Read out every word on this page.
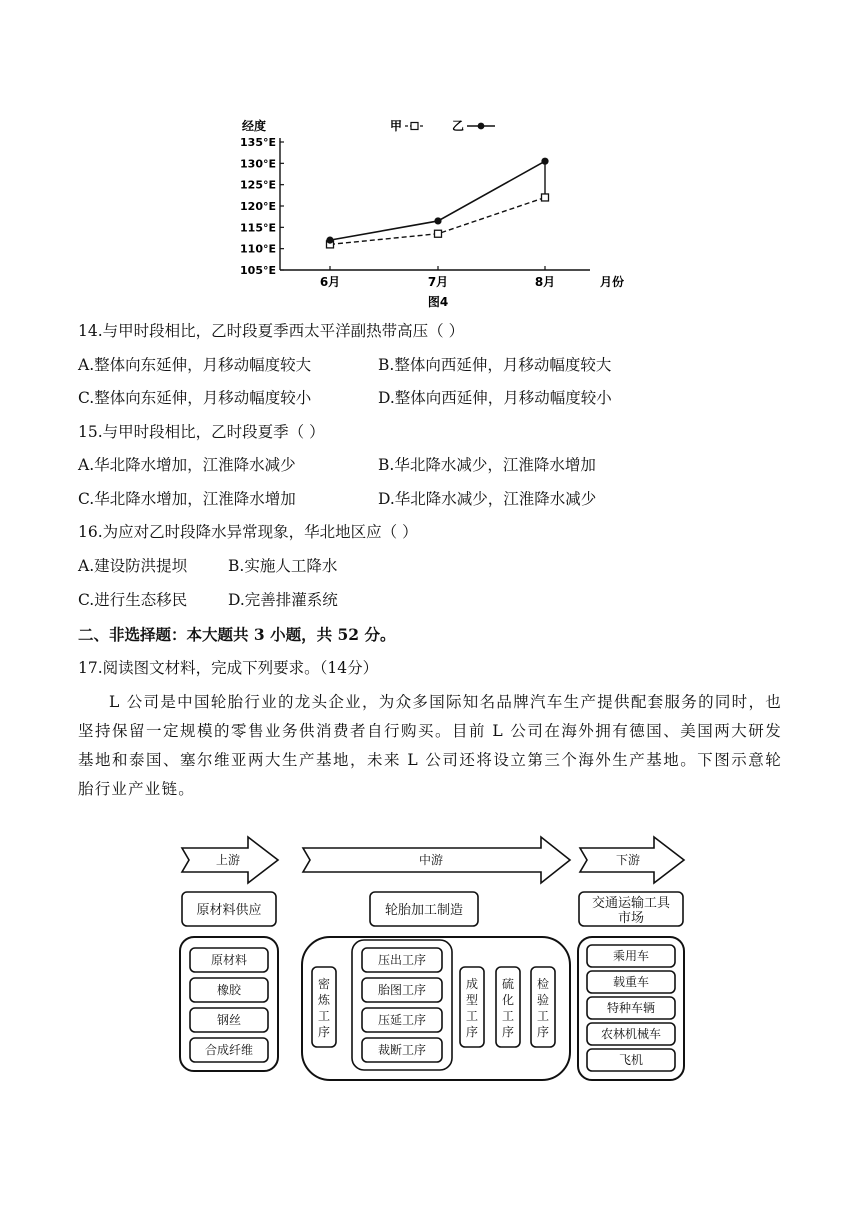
105°E
110°E
115°E
120°E
125°E
130°E
135°E
经度
6月	7月	8月	月份
图4
甲	乙
14.与甲时段相比，乙时段夏季西太平洋副热带高压（ ）
A.整体向东延伸，月移动幅度较大	B.整体向西延伸，月移动幅度较大
C.整体向东延伸，月移动幅度较小	D.整体向西延伸，月移动幅度较小
15.与甲时段相比，乙时段夏季（ ）
A.华北降水增加，江淮降水减少	B.华北降水减少，江淮降水增加
C.华北降水增加，江淮降水增加	D.华北降水减少，江淮降水减少
16.为应对乙时段降水异常现象，华北地区应（ ）
A.建设防洪提坝	B.实施人工降水
C.进行生态移民	D.完善排灌系统
二、非选择题：本大题共 3 小题，共 52 分。
17.阅读图文材料，完成下列要求。（14分）
L 公司是中国轮胎行业的龙头企业，为众多国际知名品牌汽车生产提供配套服务的同时，也坚持保留一定规模的零售业务供消费者自行购买。目前 L 公司在海外拥有德国、美国两大研发基地和泰国、塞尔维亚两大生产基地，未来 L 公司还将设立第三个海外生产基地。下图示意轮胎行业产业链。
上游	中游	下游
原材料供应	轮胎加工制造	交通运输工具
市场
原材料
橡胶
钢丝
合成纤维
密
炼
工
序
压出工序
胎图工序
压延工序
裁断工序
成
型
工
序
硫
化
工
序
检
验
工
序
乘用车
载重车
特种车辆
农林机械车
飞机
